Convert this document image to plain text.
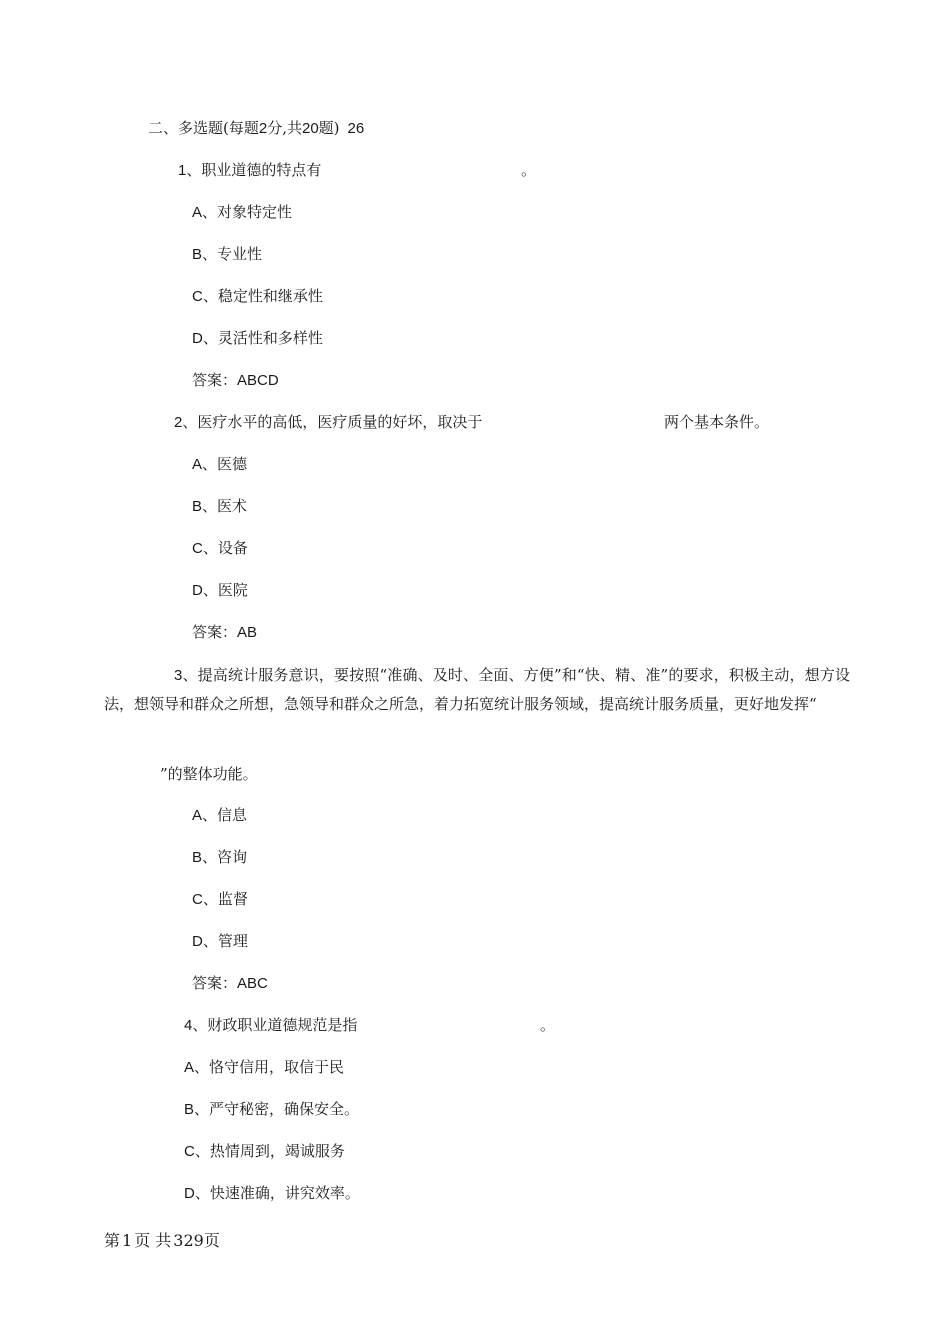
二、多选题(每题2分,共20题) 26
1、职业道德的特点有	。
A、对象特定性
B、专业性
C、稳定性和继承性
D、灵活性和多样性
答案：ABCD
2、医疗水平的高低，医疗质量的好坏，取决于	两个基本条件。
A、医德
B、医术
C、设备
D、医院
答案：AB
3、提高统计服务意识，要按照“准确、及时、全面、方便”和“快、精、准”的要求，积极主动，想方设法，想领导和群众之所想，急领导和群众之所急，着力拓宽统计服务领域，提高统计服务质量，更好地发挥“
”的整体功能。
A、信息
B、咨询
C、监督
D、管理
答案：ABC
4、财政职业道德规范是指	。
A、恪守信用，取信于民
B、严守秘密，确保安全。
C、热情周到，竭诚服务
D、快速准确，讲究效率。
第 1 页 共 329页
